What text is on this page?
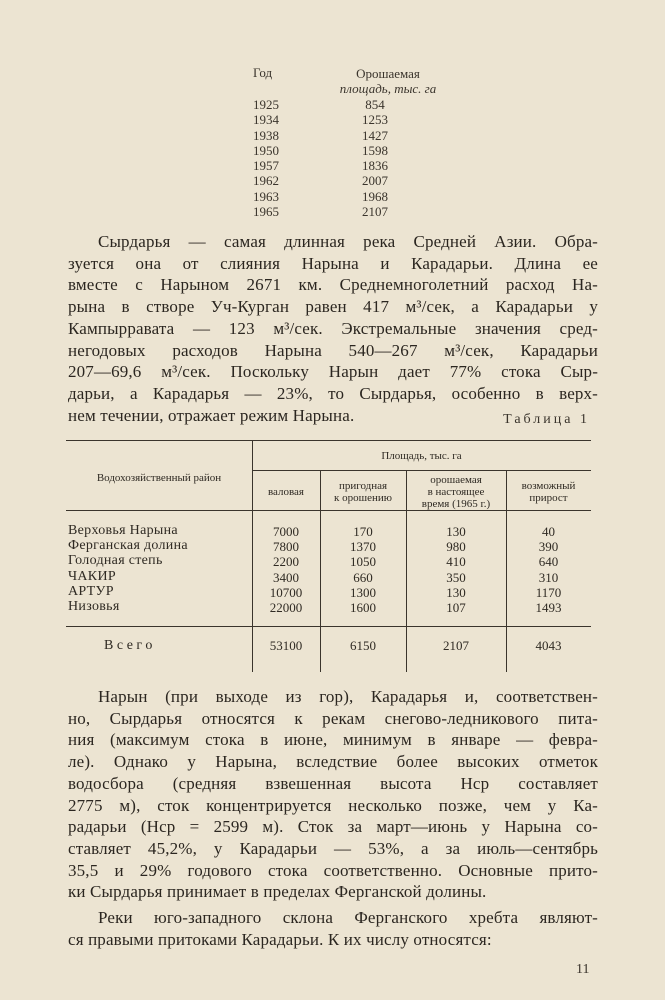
Год	Орошаемая
площадь, тыс. га
1925	854
1934	1253
1938	1427
1950	1598
1957	1836
1962	2007
1963	1968
1965	2107
Сырдарья — самая длинная река Средней Азии. Обра-
зуется она от слияния Нарына и Карадарьи. Длина ее
вместе с Нарыном 2671 км. Среднемноголетний расход На-
рына в створе Уч-Курган равен 417 м³/сек, а Карадарьи у
Кампырравата — 123 м³/сек. Экстремальные значения сред-
негодовых расходов Нарына 540—267 м³/сек, Карадарьи
207—69,6 м³/сек. Поскольку Нарын дает 77% стока Сыр-
дарьи, а Карадарья — 23%, то Сырдарья, особенно в верх-
нем течении, отражает режим Нарына.	Таблица 1
Водохозяйственный район
Площадь, тыс. га
валовая	пригодная
к орошению
орошаемая
в настоящее
время (1965 г.)
возможный
прирост
Верховья Нарына	7000	170	130	40
Ферганская долина	7800	1370	980	390
Голодная степь	2200	1050	410	640
ЧАКИР	3400	660	350	310
АРТУР	10700	1300	130	1170
Низовья	22000	1600	107	1493
Всего	53100	6150	2107	4043
Нарын (при выходе из гор), Карадарья и, соответствен-
но, Сырдарья относятся к рекам снегово-ледникового пита-
ния (максимум стока в июне, минимум в январе — февра-
ле). Однако у Нарына, вследствие более высоких отметок
водосбора (средняя взвешенная высота Нср составляет
2775 м), сток концентрируется несколько позже, чем у Ка-
радарьи (Нср = 2599 м). Сток за март—июнь у Нарына со-
ставляет 45,2%, у Карадарьи — 53%, а за июль—сентябрь
35,5 и 29% годового стока соответственно. Основные прито-
ки Сырдарья принимает в пределах Ферганской долины.
Реки юго-западного склона Ферганского хребта являют-
ся правыми притоками Карадарьи. К их числу относятся:
11
